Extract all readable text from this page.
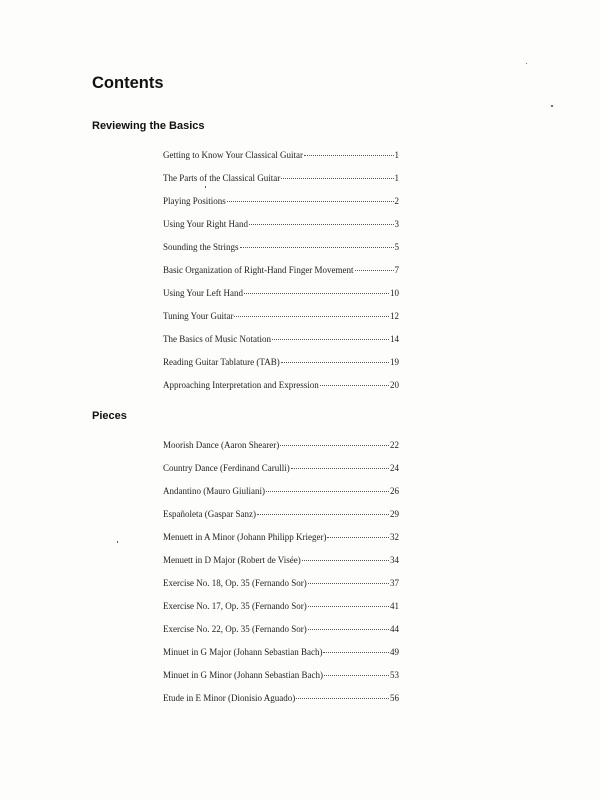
Contents
Reviewing the Basics
Getting to Know Your Classical Guitar	1
The Parts of the Classical Guitar	1
Playing Positions	2
Using Your Right Hand	3
Sounding the Strings	5
Basic Organization of Right-Hand Finger Movement	7
Using Your Left Hand	10
Tuning Your Guitar	12
The Basics of Music Notation	14
Reading Guitar Tablature (TAB)	19
Approaching Interpretation and Expression	20
Pieces
Moorish Dance (Aaron Shearer)	22
Country Dance (Ferdinand Carulli)	24
Andantino (Mauro Giuliani)	26
Españoleta (Gaspar Sanz)	29
Menuett in A Minor (Johann Philipp Krieger)	32
Menuett in D Major (Robert de Visée)	34
Exercise No. 18, Op. 35 (Fernando Sor)	37
Exercise No. 17, Op. 35 (Fernando Sor)	41
Exercise No. 22, Op. 35 (Fernando Sor)	44
Minuet in G Major (Johann Sebastian Bach)	49
Minuet in G Minor (Johann Sebastian Bach)	53
Etude in E Minor (Dionisio Aguado)	56
